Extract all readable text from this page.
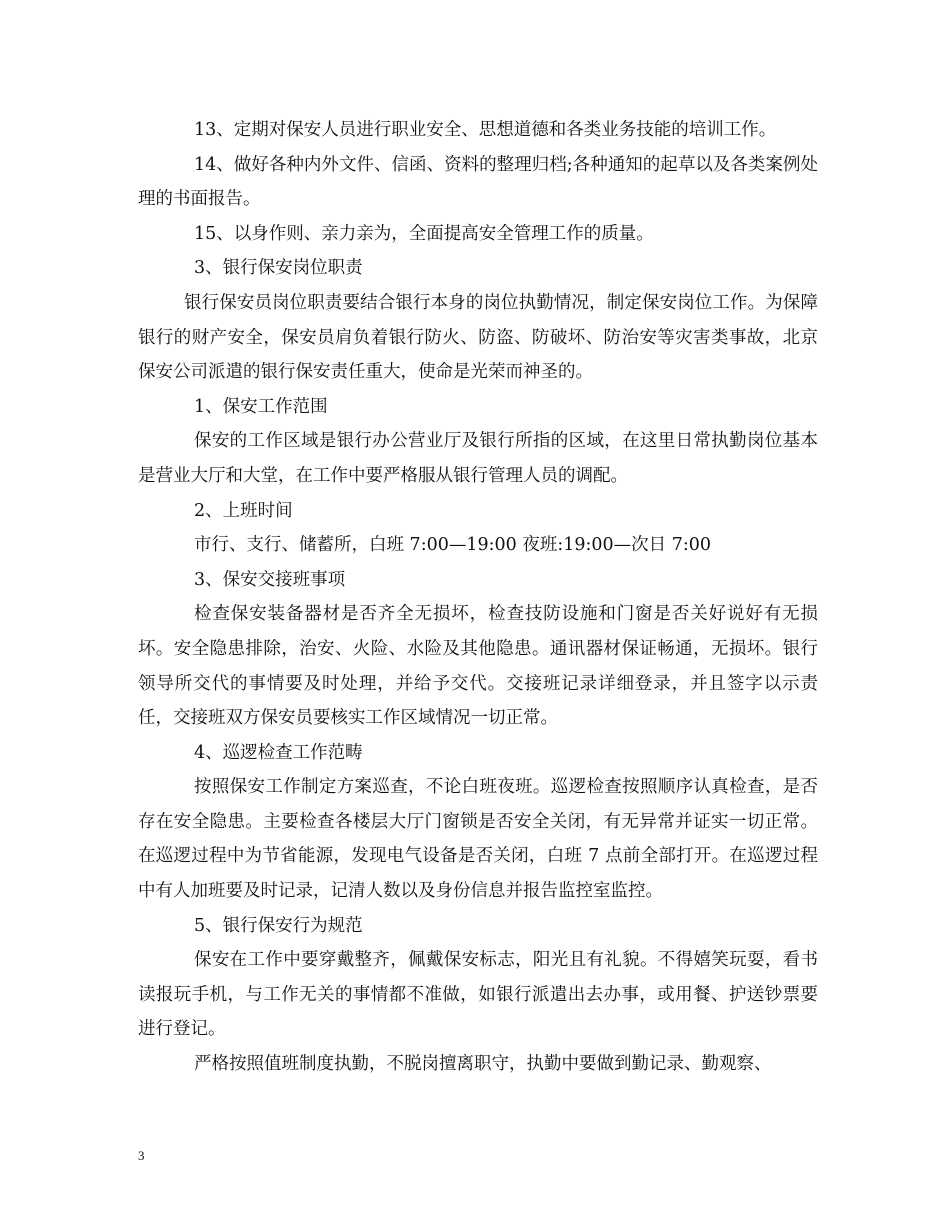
13、定期对保安人员进行职业安全、思想道德和各类业务技能的培训工作。

14、做好各种内外文件、信函、资料的整理归档;各种通知的起草以及各类案例处理的书面报告。

15、以身作则、亲力亲为，全面提高安全管理工作的质量。

3、银行保安岗位职责

银行保安员岗位职责要结合银行本身的岗位执勤情况，制定保安岗位工作。为保障银行的财产安全，保安员肩负着银行防火、防盗、防破坏、防治安等灾害类事故，北京保安公司派遣的银行保安责任重大，使命是光荣而神圣的。

1、保安工作范围

保安的工作区域是银行办公营业厅及银行所指的区域，在这里日常执勤岗位基本是营业大厅和大堂，在工作中要严格服从银行管理人员的调配。

2、上班时间

市行、支行、储蓄所，白班 7:00—19:00 夜班:19:00—次日 7:00

3、保安交接班事项

检查保安装备器材是否齐全无损坏，检查技防设施和门窗是否关好说好有无损坏。安全隐患排除，治安、火险、水险及其他隐患。通讯器材保证畅通，无损坏。银行领导所交代的事情要及时处理，并给予交代。交接班记录详细登录，并且签字以示责任，交接班双方保安员要核实工作区域情况一切正常。

4、巡逻检查工作范畴

按照保安工作制定方案巡查，不论白班夜班。巡逻检查按照顺序认真检查，是否存在安全隐患。主要检查各楼层大厅门窗锁是否安全关闭，有无异常并证实一切正常。在巡逻过程中为节省能源，发现电气设备是否关闭，白班 7 点前全部打开。在巡逻过程中有人加班要及时记录，记清人数以及身份信息并报告监控室监控。

5、银行保安行为规范

保安在工作中要穿戴整齐，佩戴保安标志，阳光且有礼貌。不得嬉笑玩耍，看书读报玩手机，与工作无关的事情都不准做，如银行派遣出去办事，或用餐、护送钞票要进行登记。

严格按照值班制度执勤，不脱岗擅离职守，执勤中要做到勤记录、勤观察、

3
